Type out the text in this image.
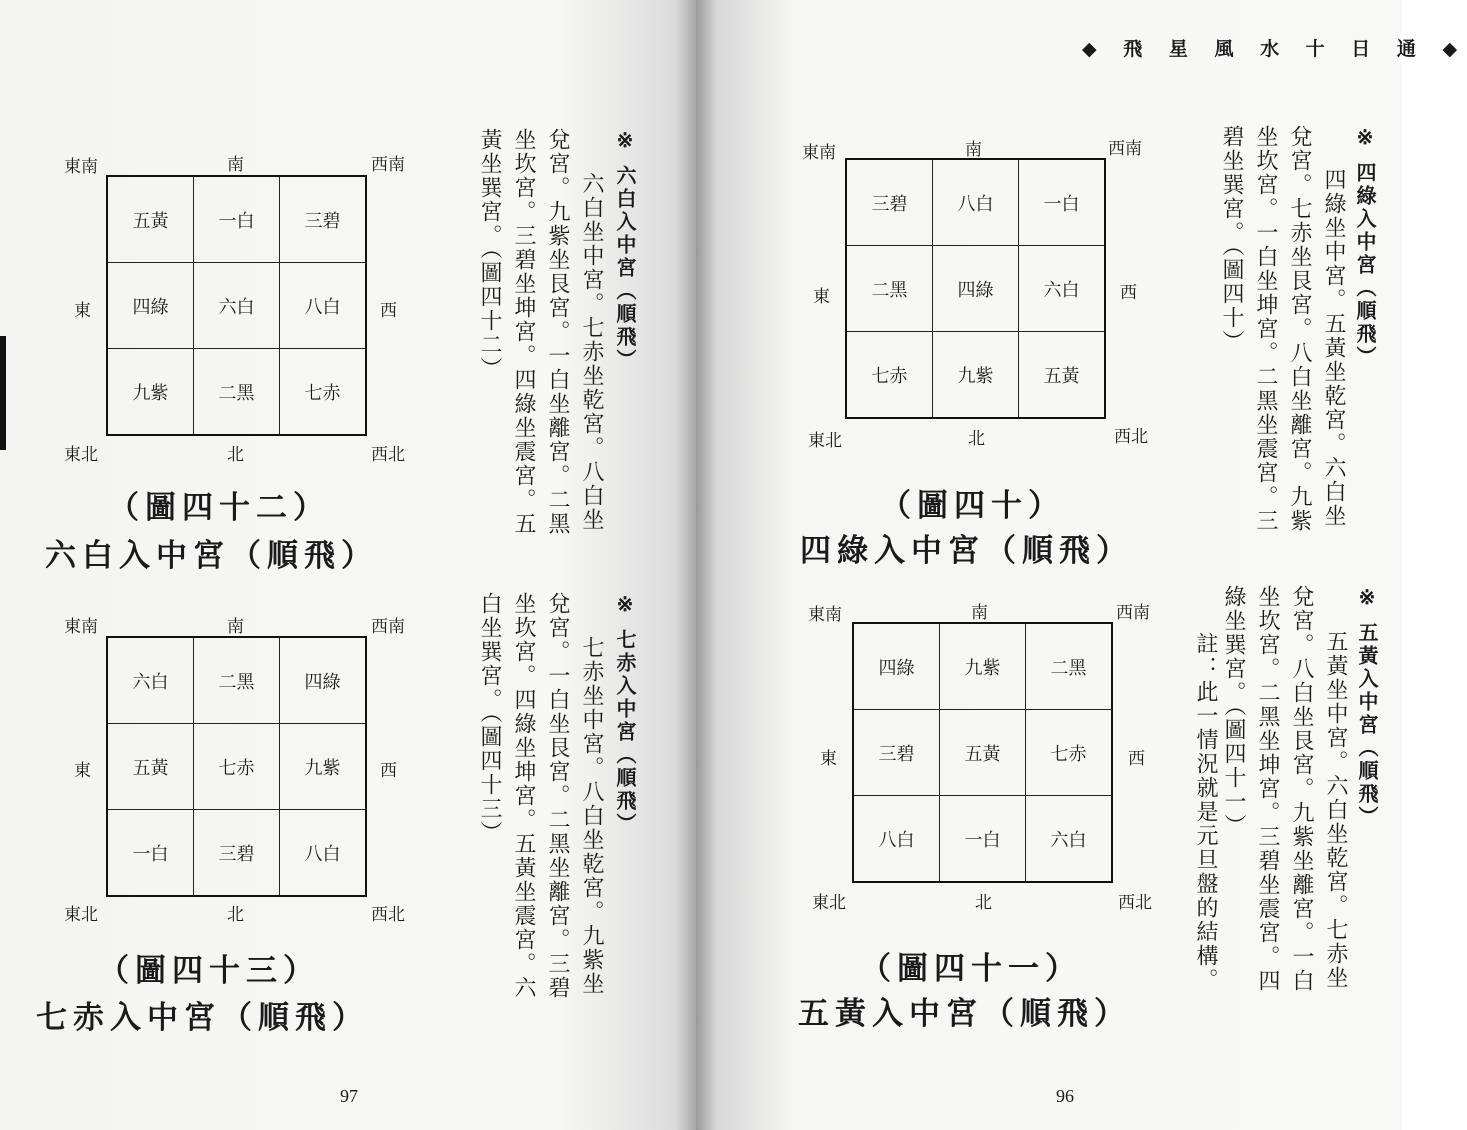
◆ 飛 星 風 水 十 日 通 ◆
東南	南	西南
東	西
東北	北	西北
三碧	八白	一白
二黑	四綠	六白
七赤	九紫	五黃
（圖四十）
四綠入中宮（順飛）
東南	南	西南
東	西
東北	北	西北
四綠	九紫	二黑
三碧	五黃	七赤
八白	一白	六白
（圖四十一）
五黃入中宮（順飛）
※ 四綠入中宮（順飛）
四綠坐中宮。五黃坐乾宮。六白坐
兌宮。七赤坐艮宮。八白坐離宮。九紫
坐坎宮。一白坐坤宮。二黑坐震宮。三
碧坐巽宮。（圖四十）
※ 五黃入中宮（順飛）
五黃坐中宮。六白坐乾宮。七赤坐
兌宮。八白坐艮宮。九紫坐離宮。一白
坐坎宮。二黑坐坤宮。三碧坐震宮。四
綠坐巽宮。（圖四十一）
註：此一情況就是元旦盤的結構。
96
東南	南	西南
東	西
東北	北	西北
五黃	一白	三碧
四綠	六白	八白
九紫	二黑	七赤
（圖四十二）
六白入中宮（順飛）
東南	南	西南
東	西
東北	北	西北
六白	二黑	四綠
五黃	七赤	九紫
一白	三碧	八白
（圖四十三）
七赤入中宮（順飛）
※ 六白入中宮（順飛）
六白坐中宮。七赤坐乾宮。八白坐
兌宮。九紫坐艮宮。一白坐離宮。二黑
坐坎宮。三碧坐坤宮。四綠坐震宮。五
黃坐巽宮。（圖四十二）
※ 七赤入中宮（順飛）
七赤坐中宮。八白坐乾宮。九紫坐
兌宮。一白坐艮宮。二黑坐離宮。三碧
坐坎宮。四綠坐坤宮。五黃坐震宮。六
白坐巽宮。（圖四十三）
97
